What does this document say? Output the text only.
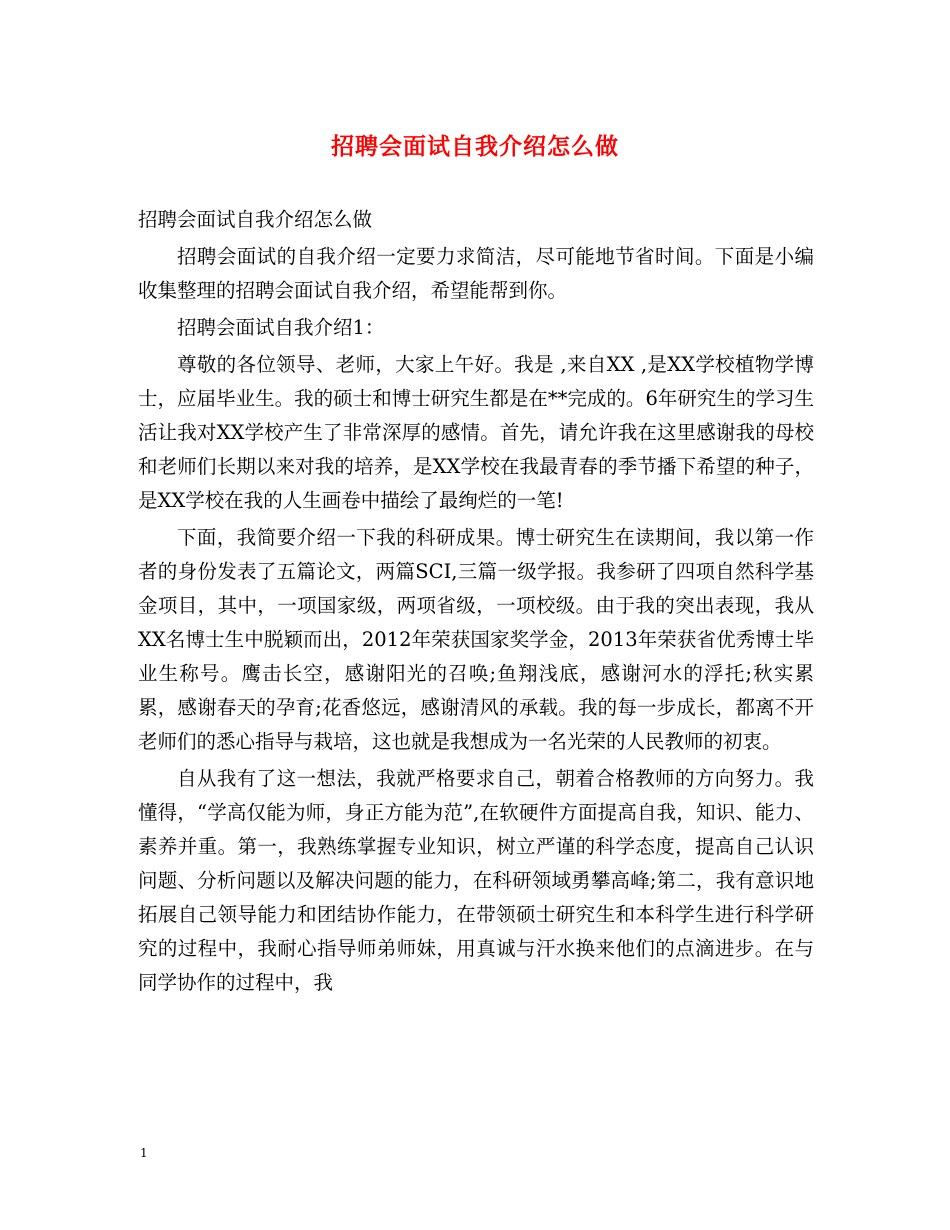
招聘会面试自我介绍怎么做

招聘会面试自我介绍怎么做

招聘会面试的自我介绍一定要力求简洁，尽可能地节省时间。下面是小编收集整理的招聘会面试自我介绍，希望能帮到你。

招聘会面试自我介绍1：

尊敬的各位领导、老师，大家上午好。我是 ,来自XX ,是XX学校植物学博士，应届毕业生。我的硕士和博士研究生都是在**完成的。6年研究生的学习生活让我对XX学校产生了非常深厚的感情。首先，请允许我在这里感谢我的母校和老师们长期以来对我的培养，是XX学校在我最青春的季节播下希望的种子，是XX学校在我的人生画卷中描绘了最绚烂的一笔!

下面，我简要介绍一下我的科研成果。博士研究生在读期间，我以第一作者的身份发表了五篇论文，两篇SCI,三篇一级学报。我参研了四项自然科学基金项目，其中，一项国家级，两项省级，一项校级。由于我的突出表现，我从XX名博士生中脱颖而出，2012年荣获国家奖学金，2013年荣获省优秀博士毕业生称号。鹰击长空，感谢阳光的召唤;鱼翔浅底，感谢河水的浮托;秋实累累，感谢春天的孕育;花香悠远，感谢清风的承载。我的每一步成长，都离不开老师们的悉心指导与栽培，这也就是我想成为一名光荣的人民教师的初衷。

自从我有了这一想法，我就严格要求自己，朝着合格教师的方向努力。我懂得，“学高仅能为师，身正方能为范”,在软硬件方面提高自我，知识、能力、素养并重。第一，我熟练掌握专业知识，树立严谨的科学态度，提高自己认识问题、分析问题以及解决问题的能力，在科研领域勇攀高峰;第二，我有意识地拓展自己领导能力和团结协作能力，在带领硕士研究生和本科学生进行科学研究的过程中，我耐心指导师弟师妹，用真诚与汗水换来他们的点滴进步。在与同学协作的过程中，我

1
